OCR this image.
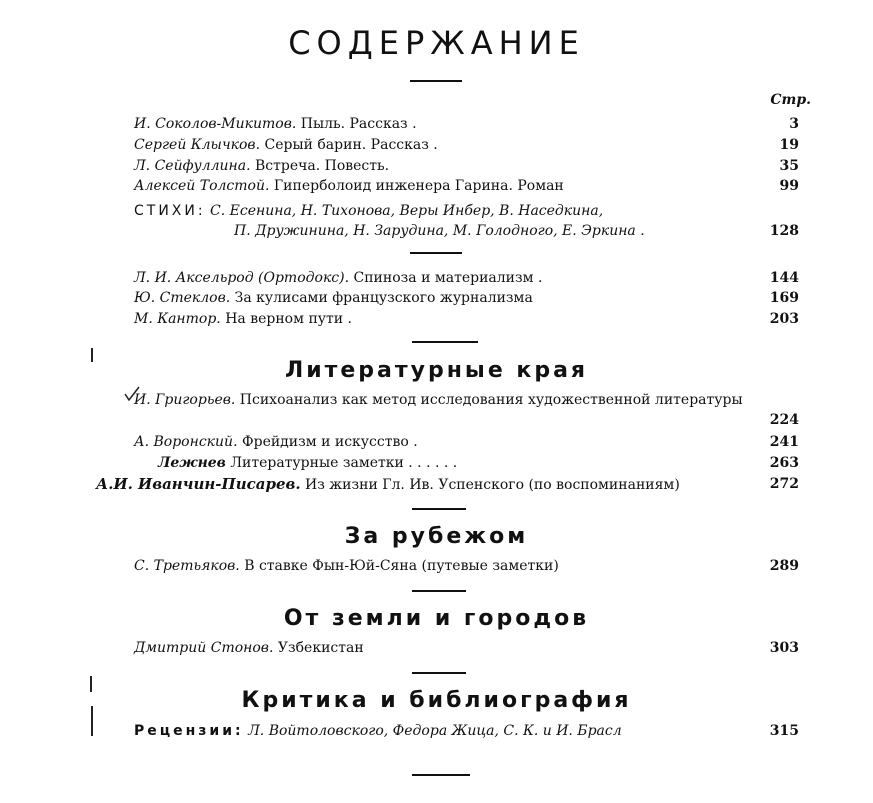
СОДЕРЖАНИЕ
Стр.
И. Соколов-Микитов. Пыль. Рассказ .	3
Сергей Клычков. Серый барин. Рассказ .	19
Л. Сейфуллина. Встреча. Повесть.	35
Алексей Толстой. Гиперболоид инженера Гарина. Роман	99
СТИХИ: С. Есенина, Н. Тихонова, Веры Инбер, В. Наседкина,
П. Дружинина, Н. Зарудина, М. Голодного, Е. Эркина .	128
Л. И. Аксельрод (Ортодокс). Спиноза и материализм .	144
Ю. Стеклов. За кулисами французского журнализма	169
М. Кантор. На верном пути .	203
Литературные края
И. Григорьев. Психоанализ как метод исследования художественной литературы
224
А. Воронский. Фрейдизм и искусство .	241
Лежнев Литературные заметки . . . . . .	263
А.И. Иванчин-Писарев. Из жизни Гл. Ив. Успенского (по воспоминаниям)	272
За рубежом
С. Третьяков. В ставке Фын-Юй-Сяна (путевые заметки)	289
От земли и городов
Дмитрий Стонов. Узбекистан	303
Критика и библиография
Рецензии: Л. Войтоловского, Федора Жица, С. К. и И. Брасл	315
